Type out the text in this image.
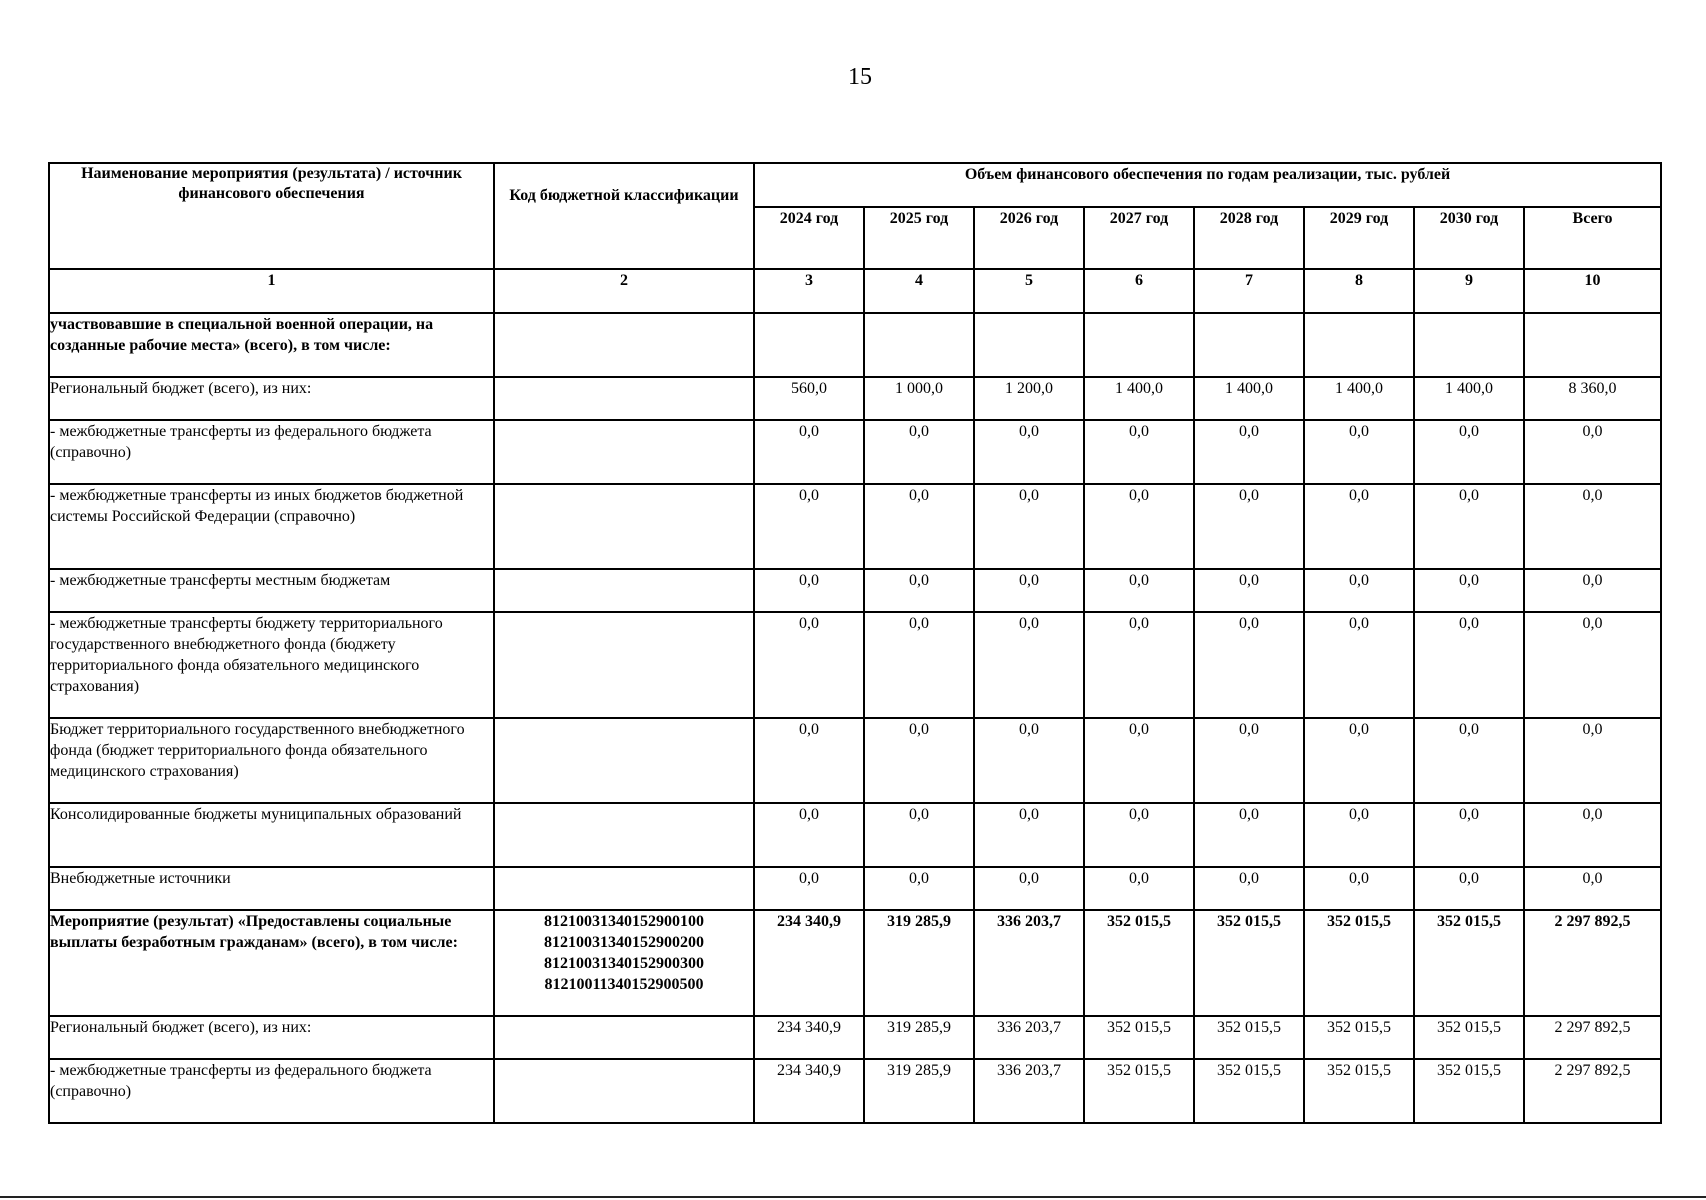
15
Наименование мероприятия (результата) / источник финансового обеспечения	Код бюджетной классификации	Объем финансового обеспечения по годам реализации, тыс. рублей							
		2024 год	2025 год	2026 год	2027 год	2028 год	2029 год	2030 год	Всего
1	2	3	4	5	6	7	8	9	10
участвовавшие в специальной военной операции, на созданные рабочие места» (всего), в том числе:									
Региональный бюджет (всего), из них:		560,0	1 000,0	1 200,0	1 400,0	1 400,0	1 400,0	1 400,0	8 360,0
- межбюджетные трансферты из федерального бюджета (справочно)		0,0	0,0	0,0	0,0	0,0	0,0	0,0	0,0
- межбюджетные трансферты из иных бюджетов бюджетной системы Российской Федерации (справочно)		0,0	0,0	0,0	0,0	0,0	0,0	0,0	0,0
- межбюджетные трансферты местным бюджетам		0,0	0,0	0,0	0,0	0,0	0,0	0,0	0,0
- межбюджетные трансферты бюджету территориального государственного внебюджетного фонда (бюджету территориального фонда обязательного медицинского страхования)		0,0	0,0	0,0	0,0	0,0	0,0	0,0	0,0
Бюджет территориального государственного внебюджетного фонда (бюджет территориального фонда обязательного медицинского страхования)		0,0	0,0	0,0	0,0	0,0	0,0	0,0	0,0
Консолидированные бюджеты муниципальных образований		0,0	0,0	0,0	0,0	0,0	0,0	0,0	0,0
Внебюджетные источники		0,0	0,0	0,0	0,0	0,0	0,0	0,0	0,0
Мероприятие (результат) «Предоставлены социальные выплаты безработным гражданам» (всего), в том числе:	81210031340152900100
81210031340152900200
81210031340152900300
81210011340152900500	234 340,9	319 285,9	336 203,7	352 015,5	352 015,5	352 015,5	352 015,5	2 297 892,5
Региональный бюджет (всего), из них:		234 340,9	319 285,9	336 203,7	352 015,5	352 015,5	352 015,5	352 015,5	2 297 892,5
- межбюджетные трансферты из федерального бюджета (справочно)		234 340,9	319 285,9	336 203,7	352 015,5	352 015,5	352 015,5	352 015,5	2 297 892,5
